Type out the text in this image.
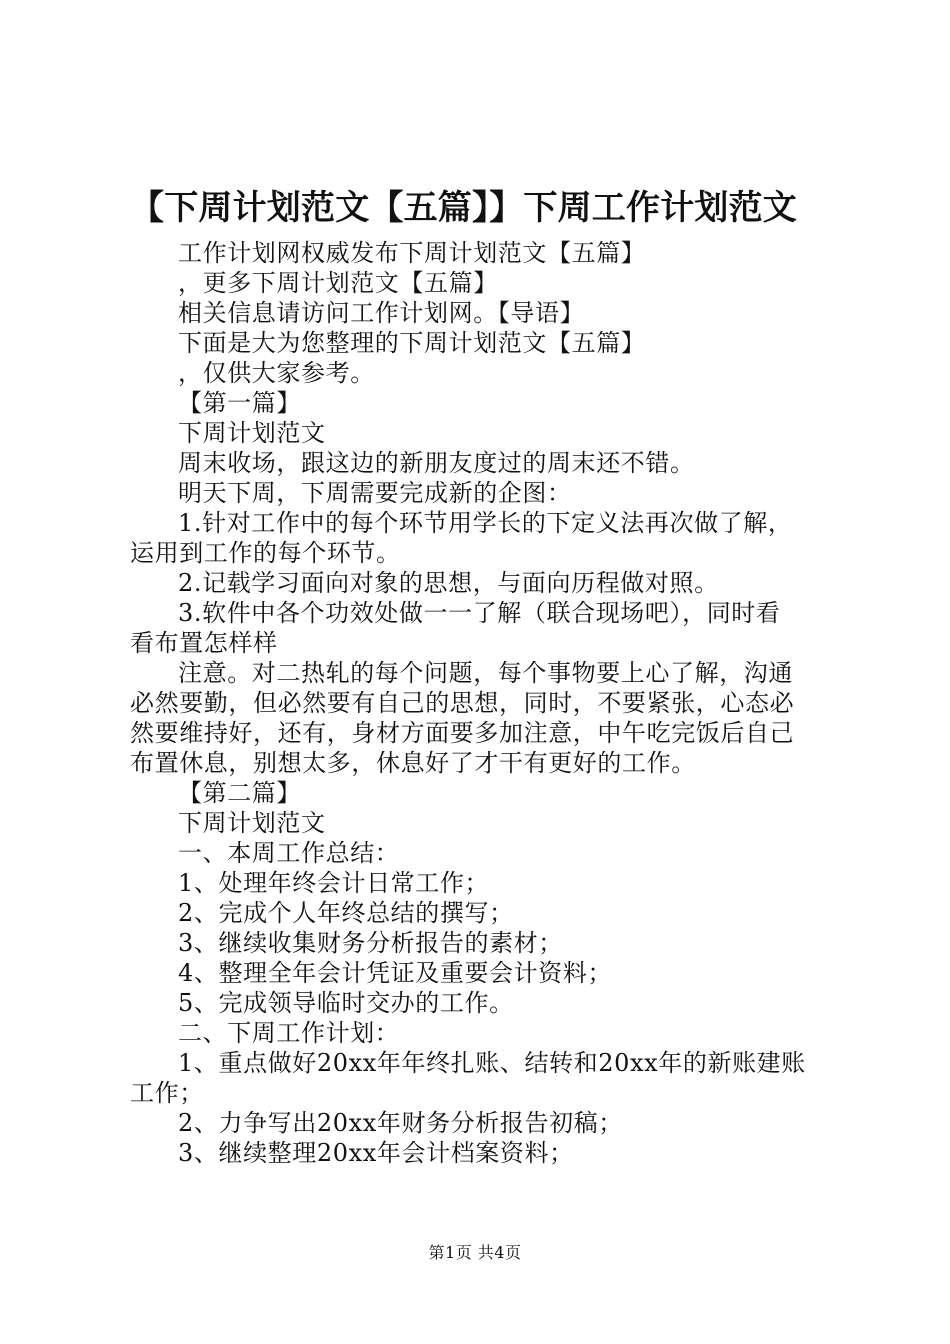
【下周计划范文【五篇】】下周工作计划范文
工作计划网权威发布下周计划范文【五篇】
，更多下周计划范文【五篇】
相关信息请访问工作计划网。【导语】
下面是大为您整理的下周计划范文【五篇】
，仅供大家参考。
【第一篇】
下周计划范文
周末收场，跟这边的新朋友度过的周末还不错。
明天下周，下周需要完成新的企图：
1.针对工作中的每个环节用学长的下定义法再次做了解，
运用到工作的每个环节。
2.记载学习面向对象的思想，与面向历程做对照。
3.软件中各个功效处做一一了解（联合现场吧），同时看
看布置怎样样
注意。对二热轧的每个问题，每个事物要上心了解，沟通
必然要勤，但必然要有自己的思想，同时，不要紧张，心态必
然要维持好，还有，身材方面要多加注意，中午吃完饭后自己
布置休息，别想太多，休息好了才干有更好的工作。
【第二篇】
下周计划范文
一、本周工作总结：
1、处理年终会计日常工作；
2、完成个人年终总结的撰写；
3、继续收集财务分析报告的素材；
4、整理全年会计凭证及重要会计资料；
5、完成领导临时交办的工作。
二、下周工作计划：
1、重点做好20xx年年终扎账、结转和20xx年的新账建账
工作；
2、力争写出20xx年财务分析报告初稿；
3、继续整理20xx年会计档案资料；
第1页 共4页
